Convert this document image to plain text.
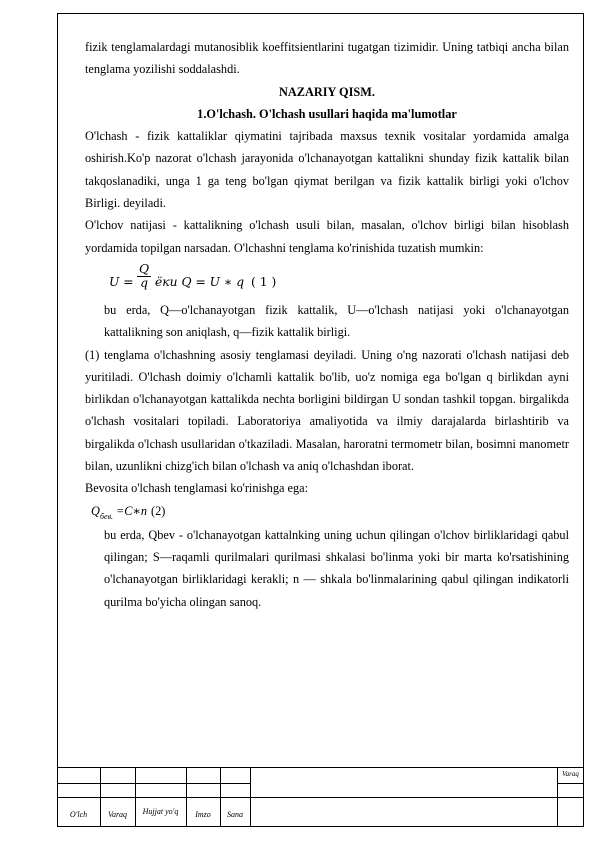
fizik tenglamalardagi mutanosiblik koeffitsientlarini tugatgan tizimidir. Uning tatbiqi ancha bilan tenglama yozilishi soddalashdi.

NAZARIY QISM.

1.O'lchash. O'lchash usullari haqida ma'lumotlar

O'lchash - fizik kattaliklar qiymatini tajribada maxsus texnik vositalar yordamida amalga oshirish.Ko'p nazorat o'lchash jarayonida o'lchanayotgan kattalikni shunday fizik kattalik bilan takqoslanadiki, unga 1 ga teng bo'lgan qiymat berilgan va fizik kattalik birligi yoki o'lchov Birligi. deyiladi.

O'lchov natijasi - kattalikning o'lchash usuli bilan, masalan, o'lchov birligi bilan hisoblash yordamida topilgan narsadan. O'lchashni tenglama ko'rinishida tuzatish mumkin:

$U = \frac{Q}{q}$ ёки Q = U ∗ q ( 1 )

bu erda, Q—o'lchanayotgan fizik kattalik, U—o'lchash natijasi yoki o'lchanayotgan kattalikning son aniqlash, q—fizik kattalik birligi.

(1) tenglama o'lchashning asosiy tenglamasi deyiladi. Uning o'ng nazorati o'lchash natijasi deb yuritiladi. O'lchash doimiy o'lchamli kattalik bo'lib, uo'z nomiga ega bo'lgan q birlikdan ayni birlikdan o'lchanayotgan kattalikda nechta borligini bildirgan U sondan tashkil topgan. birgalikda o'lchash vositalari topiladi. Laboratoriya amaliyotida va ilmiy darajalarda birlashtirib va birgalikda o'lchash usullaridan o'tkaziladi. Masalan, haroratni termometr bilan, bosimni manometr bilan, uzunlikni chizg'ich bilan o'lchash va aniq o'lchashdan iborat.

Bevosita o'lchash tenglamasi ko'rinishga ega:

Q бев. =C∗n (2)

bu erda, Qbev - o'lchanayotgan kattalnking uning uchun qilingan o'lchov birliklaridagi qabul qilingan; S—raqamli qurilmalari qurilmasi shkalasi bo'linma yoki bir marta ko'rsatishining o'lchanayotgan birliklaridagi kerakli; n — shkala bo'linmalarining qabul qilingan indikatorli qurilma bo'yicha olingan sanoq.

O'lch	Varaq	Hujjat yo'q	Imzo	Sana
Varaq
